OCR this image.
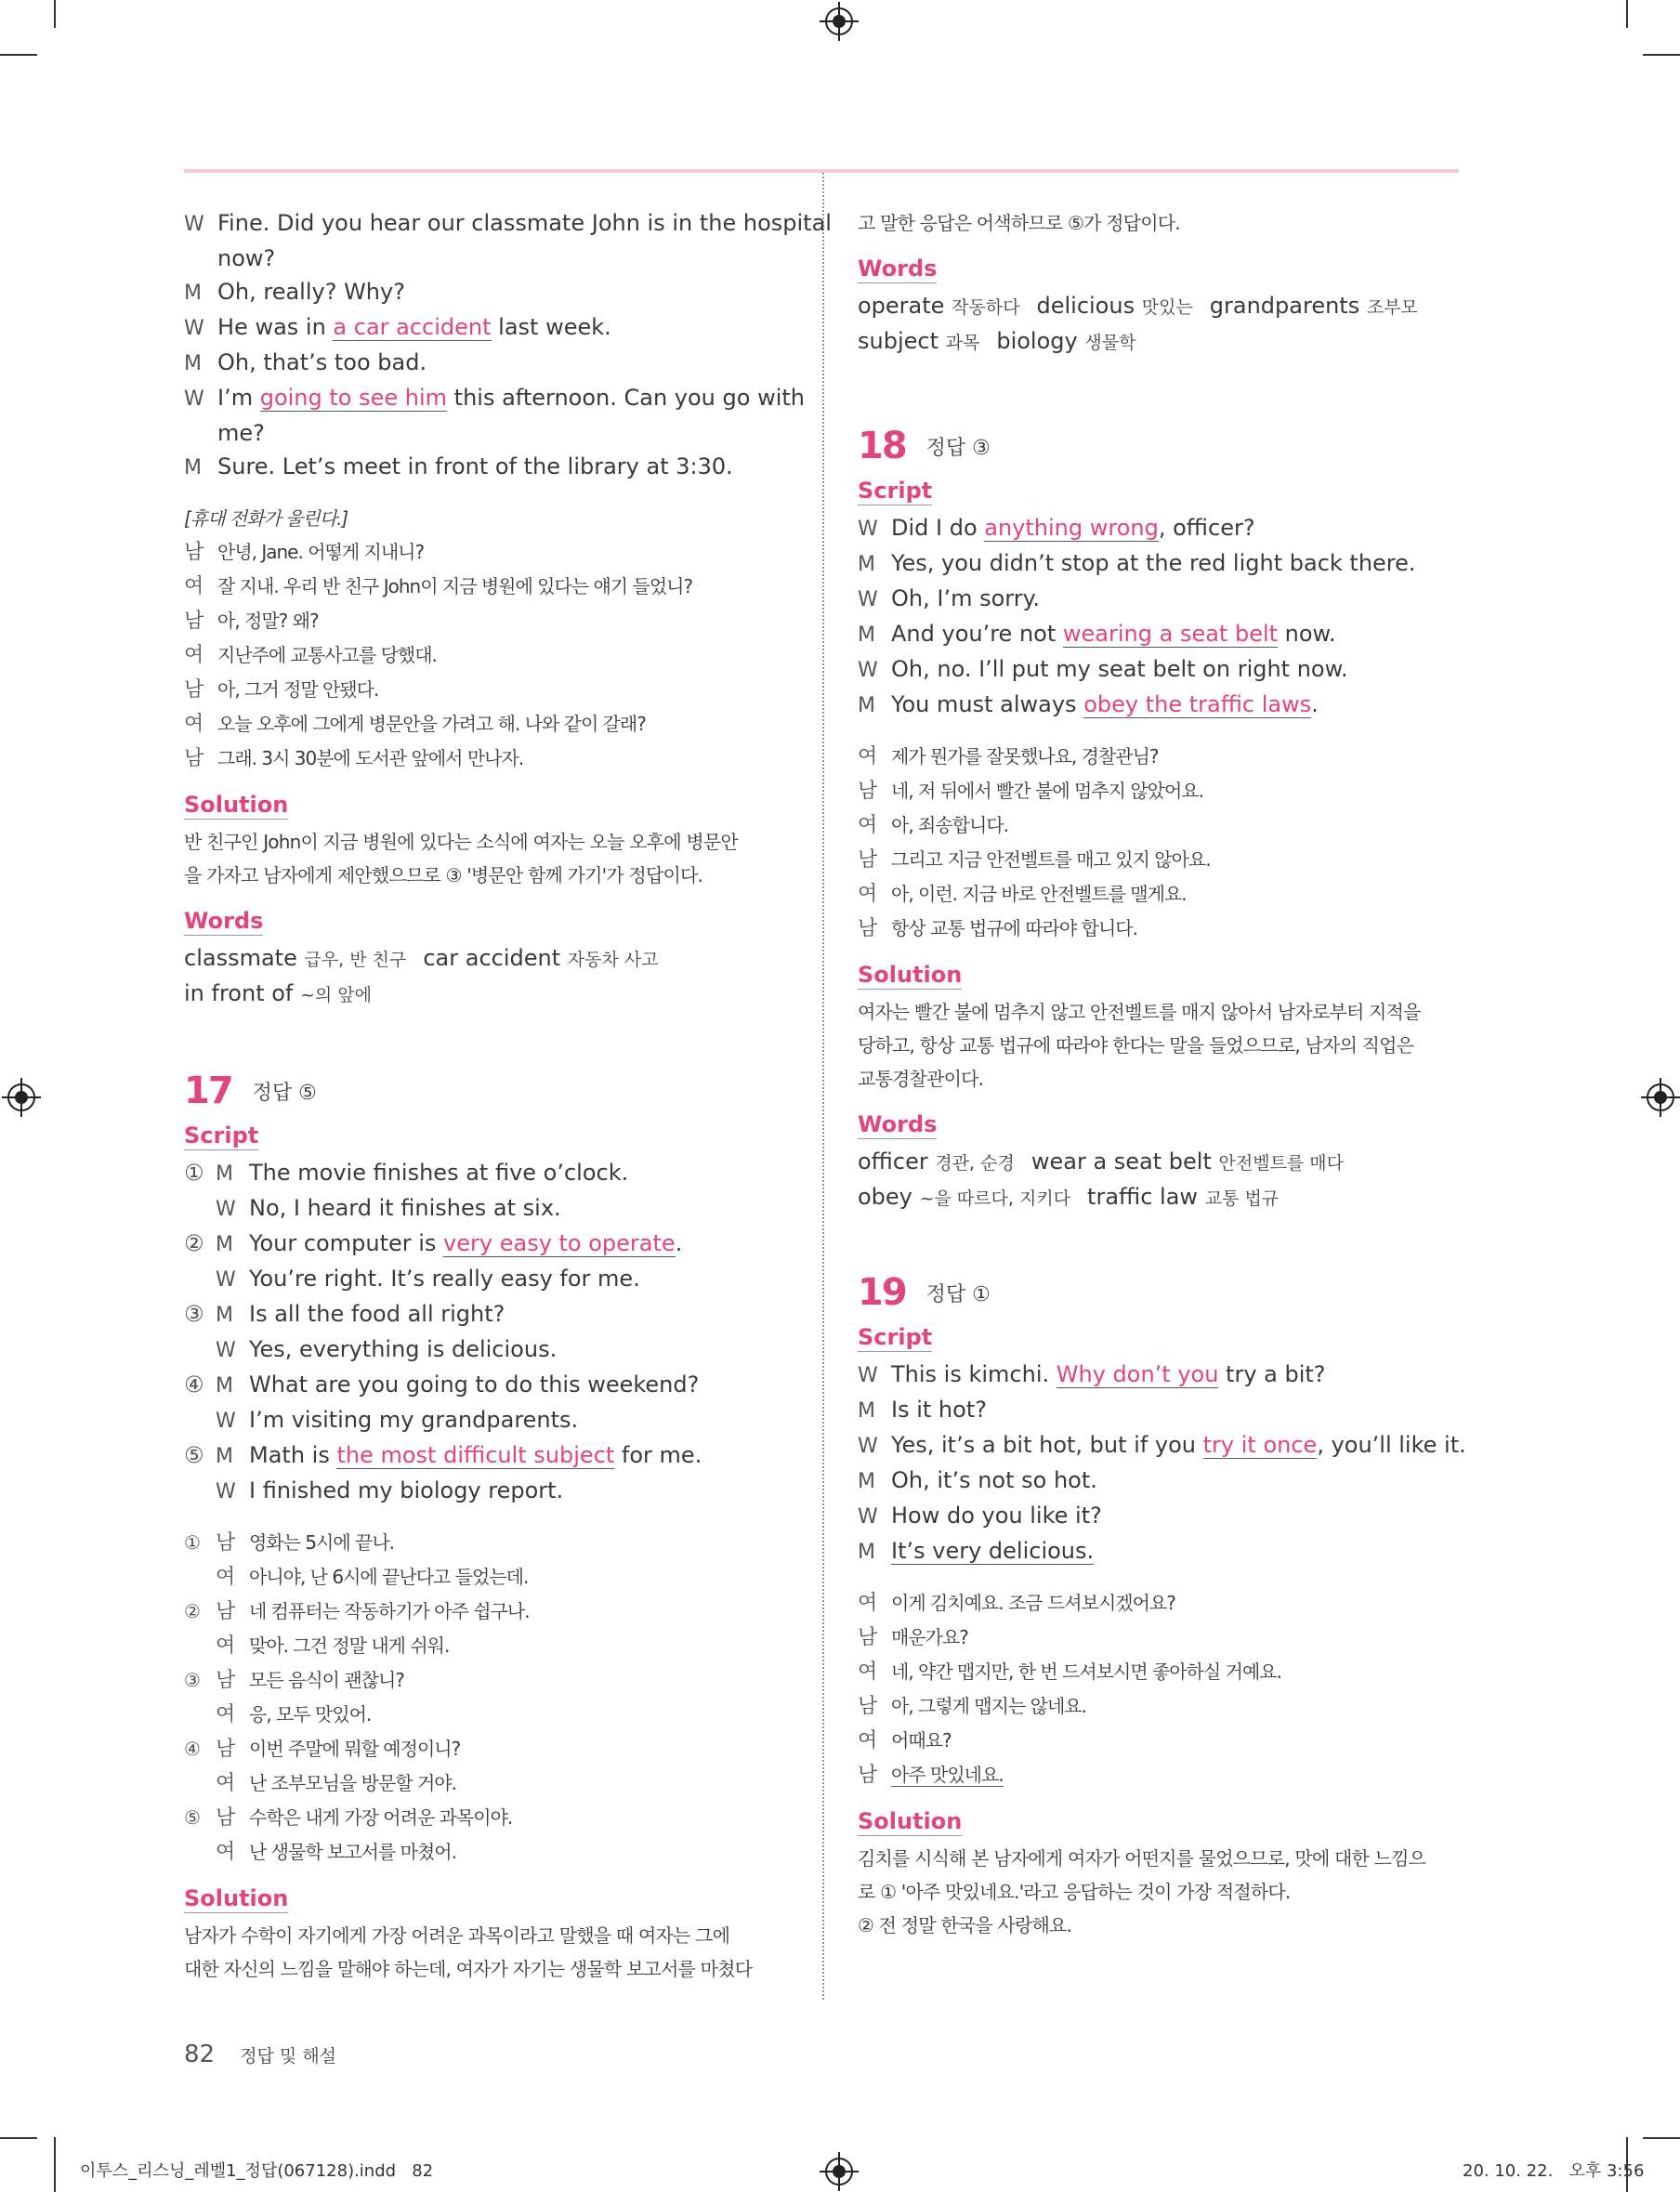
W Fine. Did you hear our classmate John is in the hospital

now?

M Oh, really? Why?

W He was in a car accident last week.

M Oh, that’s too bad.

W I’m going to see him this afternoon. Can you go with

me?

M Sure. Let’s meet in front of the library at 3:30.

[휴대 전화가 울린다.]

남 안녕, Jane. 어떻게 지내니?

여 잘 지내. 우리 반 친구 John이 지금 병원에 있다는 얘기 들었니?

남 아, 정말? 왜?

여 지난주에 교통사고를 당했대.

남 아, 그거 정말 안됐다.

여 오늘 오후에 그에게 병문안을 가려고 해. 나와 같이 갈래?

남 그래. 3시 30분에 도서관 앞에서 만나자.

Solution

반 친구인 John이 지금 병원에 있다는 소식에 여자는 오늘 오후에 병문안

을 가자고 남자에게 제안했으므로 ③ '병문안 함께 가기'가 정답이다.

Words

classmate 급우, 반 친구 car accident 자동차 사고

in front of ~의 앞에

17 정답 ⑤

Script

① M The movie finishes at five o’clock.

W No, I heard it finishes at six.

② M Your computer is very easy to operate.

W You’re right. It’s really easy for me.

③ M Is all the food all right?

W Yes, everything is delicious.

④ M What are you going to do this weekend?

W I’m visiting my grandparents.

⑤ M Math is the most difficult subject for me.

W I finished my biology report.

① 남 영화는 5시에 끝나.

여 아니야, 난 6시에 끝난다고 들었는데.

② 남 네 컴퓨터는 작동하기가 아주 쉽구나.

여 맞아. 그건 정말 내게 쉬워.

③ 남 모든 음식이 괜찮니?

여 응, 모두 맛있어.

④ 남 이번 주말에 뭐할 예정이니?

여 난 조부모님을 방문할 거야.

⑤ 남 수학은 내게 가장 어려운 과목이야.

여 난 생물학 보고서를 마쳤어.

Solution

남자가 수학이 자기에게 가장 어려운 과목이라고 말했을 때 여자는 그에

대한 자신의 느낌을 말해야 하는데, 여자가 자기는 생물학 보고서를 마쳤다

고 말한 응답은 어색하므로 ⑤가 정답이다.

Words

operate 작동하다 delicious 맛있는 grandparents 조부모

subject 과목 biology 생물학

18 정답 ③

Script

W Did I do anything wrong, officer?

M Yes, you didn’t stop at the red light back there.

W Oh, I’m sorry.

M And you’re not wearing a seat belt now.

W Oh, no. I’ll put my seat belt on right now.

M You must always obey the traffic laws.

여 제가 뭔가를 잘못했나요, 경찰관님?

남 네, 저 뒤에서 빨간 불에 멈추지 않았어요.

여 아, 죄송합니다.

남 그리고 지금 안전벨트를 매고 있지 않아요.

여 아, 이런. 지금 바로 안전벨트를 맬게요.

남 항상 교통 법규에 따라야 합니다.

Solution

여자는 빨간 불에 멈추지 않고 안전벨트를 매지 않아서 남자로부터 지적을

당하고, 항상 교통 법규에 따라야 한다는 말을 들었으므로, 남자의 직업은

교통경찰관이다.

Words

officer 경관, 순경 wear a seat belt 안전벨트를 매다

obey ~을 따르다, 지키다 traffic law 교통 법규

19 정답 ①

Script

W This is kimchi. Why don’t you try a bit?

M Is it hot?

W Yes, it’s a bit hot, but if you try it once, you’ll like it.

M Oh, it’s not so hot.

W How do you like it?

M It’s very delicious.

여 이게 김치예요. 조금 드셔보시겠어요?

남 매운가요?

여 네, 약간 맵지만, 한 번 드셔보시면 좋아하실 거예요.

남 아, 그렇게 맵지는 않네요.

여 어때요?

남 아주 맛있네요.

Solution

김치를 시식해 본 남자에게 여자가 어떤지를 물었으므로, 맛에 대한 느낌으

로 ① '아주 맛있네요.'라고 응답하는 것이 가장 적절하다.

② 전 정말 한국을 사랑해요.

82 정답 및 해설
이투스_리스닝_레벨1_정답(067128).indd   82	20. 10. 22.   오후 3:56
